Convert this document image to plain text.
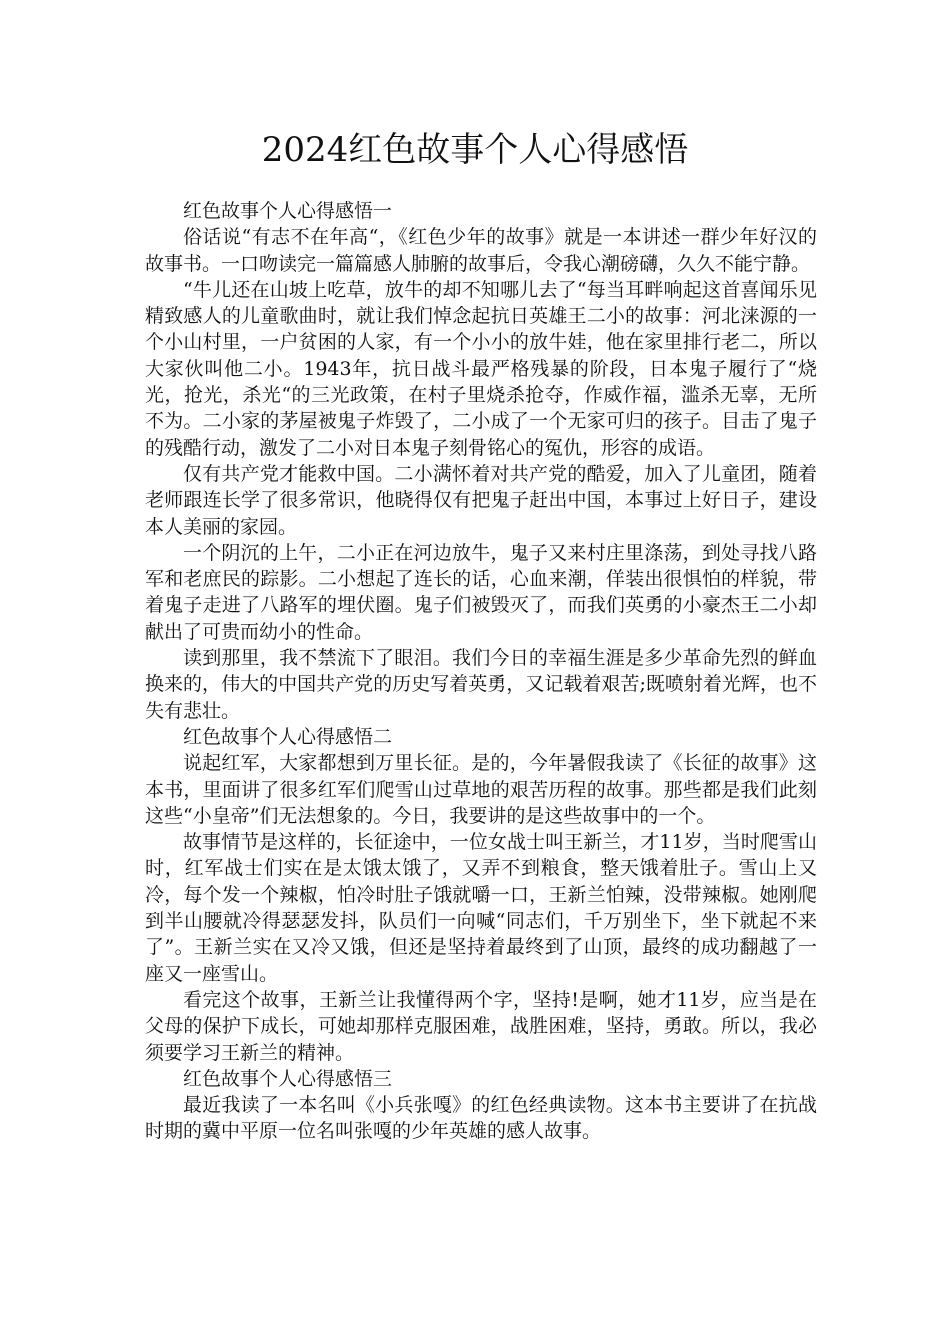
2024红色故事个人心得感悟

红色故事个人心得感悟一

俗话说“有志不在年高“，《红色少年的故事》就是一本讲述一群少年好汉的故事书。一口吻读完一篇篇感人肺腑的故事后，令我心潮磅礴，久久不能宁静。

“牛儿还在山坡上吃草，放牛的却不知哪儿去了“每当耳畔响起这首喜闻乐见精致感人的儿童歌曲时，就让我们悼念起抗日英雄王二小的故事：河北涞源的一个小山村里，一户贫困的人家，有一个小小的放牛娃，他在家里排行老二，所以大家伙叫他二小。1943年，抗日战斗最严格残暴的阶段，日本鬼子履行了“烧光，抢光，杀光“的三光政策，在村子里烧杀抢夺，作威作福，滥杀无辜，无所不为。二小家的茅屋被鬼子炸毁了，二小成了一个无家可归的孩子。目击了鬼子的残酷行动，激发了二小对日本鬼子刻骨铭心的冤仇，形容的成语。

仅有共产党才能救中国。二小满怀着对共产党的酷爱，加入了儿童团，随着老师跟连长学了很多常识，他晓得仅有把鬼子赶出中国，本事过上好日子，建设本人美丽的家园。

一个阴沉的上午，二小正在河边放牛，鬼子又来村庄里涤荡，到处寻找八路军和老庶民的踪影。二小想起了连长的话，心血来潮，佯装出很惧怕的样貌，带着鬼子走进了八路军的埋伏圈。鬼子们被毁灭了，而我们英勇的小豪杰王二小却献出了可贵而幼小的性命。

读到那里，我不禁流下了眼泪。我们今日的幸福生涯是多少革命先烈的鲜血换来的，伟大的中国共产党的历史写着英勇，又记载着艰苦;既喷射着光辉，也不失有悲壮。

红色故事个人心得感悟二

说起红军，大家都想到万里长征。是的，今年暑假我读了《长征的故事》这本书，里面讲了很多红军们爬雪山过草地的艰苦历程的故事。那些都是我们此刻这些“小皇帝”们无法想象的。今日，我要讲的是这些故事中的一个。

故事情节是这样的，长征途中，一位女战士叫王新兰，才11岁，当时爬雪山时，红军战士们实在是太饿太饿了，又弄不到粮食，整天饿着肚子。雪山上又冷，每个发一个辣椒，怕冷时肚子饿就嚼一口，王新兰怕辣，没带辣椒。她刚爬到半山腰就冷得瑟瑟发抖，队员们一向喊“同志们，千万别坐下，坐下就起不来了”。王新兰实在又冷又饿，但还是坚持着最终到了山顶，最终的成功翻越了一座又一座雪山。

看完这个故事，王新兰让我懂得两个字，坚持!是啊，她才11岁，应当是在父母的保护下成长，可她却那样克服困难，战胜困难，坚持，勇敢。所以，我必须要学习王新兰的精神。

红色故事个人心得感悟三

最近我读了一本名叫《小兵张嘎》的红色经典读物。这本书主要讲了在抗战时期的冀中平原一位名叫张嘎的少年英雄的感人故事。
